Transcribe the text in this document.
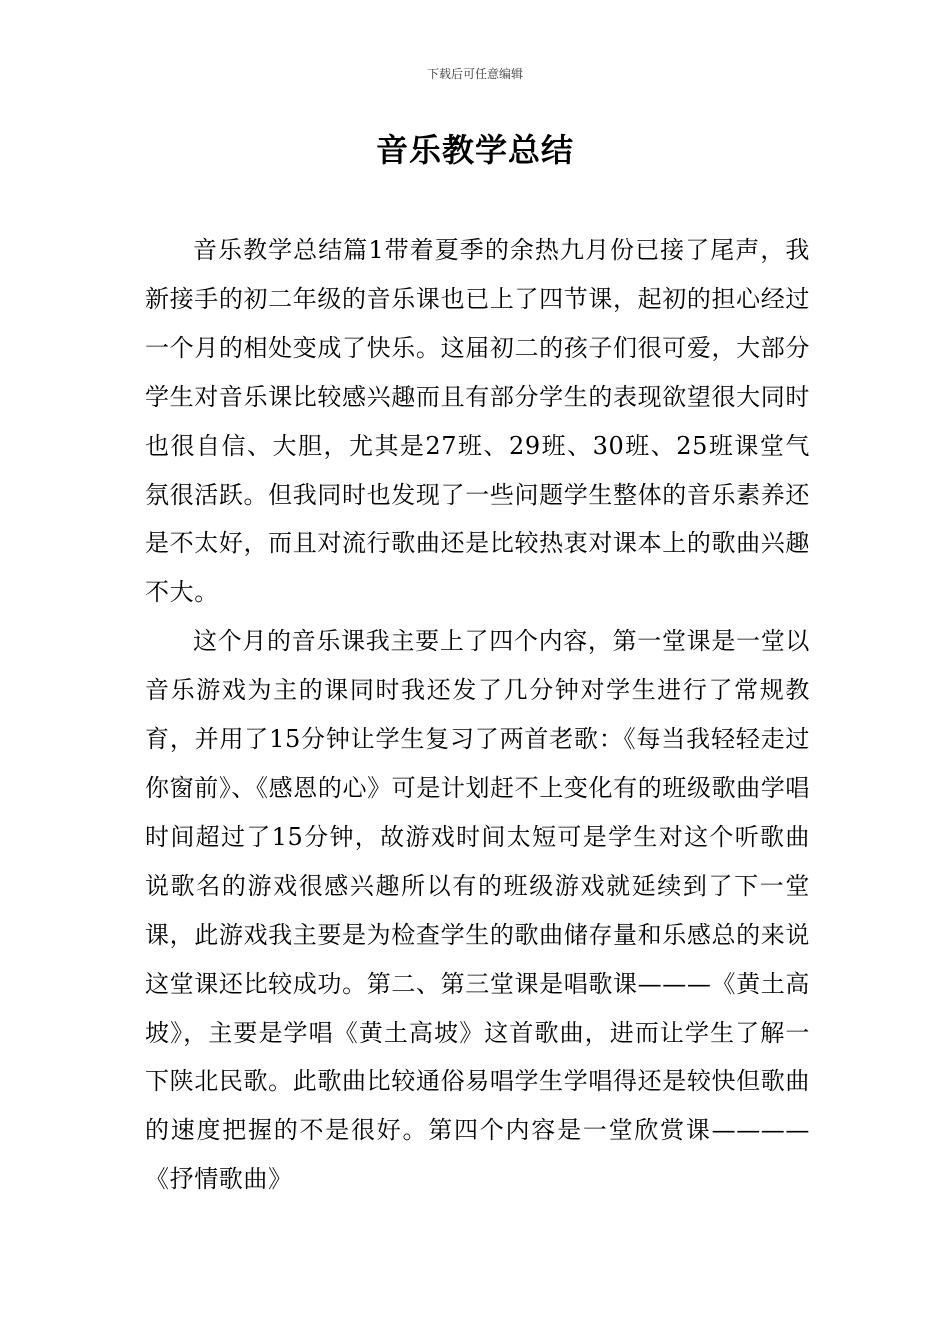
下载后可任意编辑
音乐教学总结

音乐教学总结篇1带着夏季的余热九月份已接了尾声，我新接手的初二年级的音乐课也已上了四节课，起初的担心经过一个月的相处变成了快乐。这届初二的孩子们很可爱，大部分学生对音乐课比较感兴趣而且有部分学生的表现欲望很大同时也很自信、大胆，尤其是27班、29班、30班、25班课堂气氛很活跃。但我同时也发现了一些问题学生整体的音乐素养还是不太好，而且对流行歌曲还是比较热衷对课本上的歌曲兴趣不大。

这个月的音乐课我主要上了四个内容，第一堂课是一堂以音乐游戏为主的课同时我还发了几分钟对学生进行了常规教育，并用了15分钟让学生复习了两首老歌：《每当我轻轻走过你窗前》、《感恩的心》可是计划赶不上变化有的班级歌曲学唱时间超过了15分钟，故游戏时间太短可是学生对这个听歌曲说歌名的游戏很感兴趣所以有的班级游戏就延续到了下一堂课，此游戏我主要是为检查学生的歌曲储存量和乐感总的来说这堂课还比较成功。第二、第三堂课是唱歌课———《黄土高坡》，主要是学唱《黄土高坡》这首歌曲，进而让学生了解一下陕北民歌。此歌曲比较通俗易唱学生学唱得还是较快但歌曲的速度把握的不是很好。第四个内容是一堂欣赏课————《抒情歌曲》
